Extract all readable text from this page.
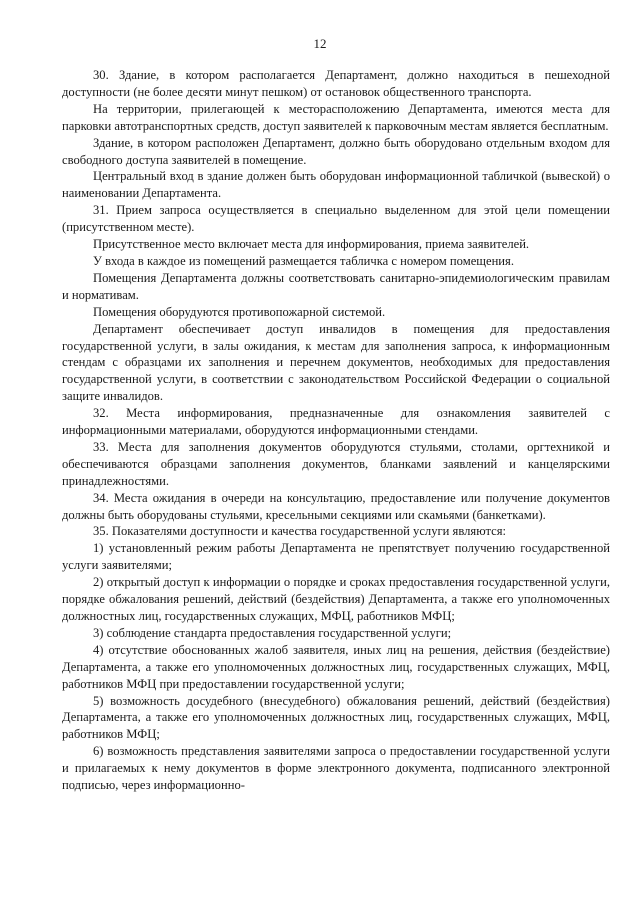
12

30. Здание, в котором располагается Департамент, должно находиться в пешеходной доступности (не более десяти минут пешком) от остановок общественного транспорта.

На территории, прилегающей к месторасположению Департамента, имеются места для парковки автотранспортных средств, доступ заявителей к парковочным местам является бесплатным.

Здание, в котором расположен Департамент, должно быть оборудовано отдельным входом для свободного доступа заявителей в помещение.

Центральный вход в здание должен быть оборудован информационной табличкой (вывеской) о наименовании Департамента.

31. Прием запроса осуществляется в специально выделенном для этой цели помещении (присутственном месте).

Присутственное место включает места для информирования, приема заявителей.

У входа в каждое из помещений размещается табличка с номером помещения.

Помещения Департамента должны соответствовать санитарно-эпидемиологическим правилам и нормативам.

Помещения оборудуются противопожарной системой.

Департамент обеспечивает доступ инвалидов в помещения для предоставления государственной услуги, в залы ожидания, к местам для заполнения запроса, к информационным стендам с образцами их заполнения и перечнем документов, необходимых для предоставления государственной услуги, в соответствии с законодательством Российской Федерации о социальной защите инвалидов.

32. Места информирования, предназначенные для ознакомления заявителей с информационными материалами, оборудуются информационными стендами.

33. Места для заполнения документов оборудуются стульями, столами, оргтехникой и обеспечиваются образцами заполнения документов, бланками заявлений и канцелярскими принадлежностями.

34. Места ожидания в очереди на консультацию, предоставление или получение документов должны быть оборудованы стульями, кресельными секциями или скамьями (банкетками).

35. Показателями доступности и качества государственной услуги являются:

1) установленный режим работы Департамента не препятствует получению государственной услуги заявителями;

2) открытый доступ к информации о порядке и сроках предоставления государственной услуги, порядке обжалования решений, действий (бездействия) Департамента, а также его уполномоченных должностных лиц, государственных служащих, МФЦ, работников МФЦ;

3) соблюдение стандарта предоставления государственной услуги;

4) отсутствие обоснованных жалоб заявителя, иных лиц на решения, действия (бездействие) Департамента, а также его уполномоченных должностных лиц, государственных служащих, МФЦ, работников МФЦ при предоставлении государственной услуги;

5) возможность досудебного (внесудебного) обжалования решений, действий (бездействия) Департамента, а также его уполномоченных должностных лиц, государственных служащих, МФЦ, работников МФЦ;

6) возможность представления заявителями запроса о предоставлении государственной услуги и прилагаемых к нему документов в форме электронного документа, подписанного электронной подписью, через информационно-
